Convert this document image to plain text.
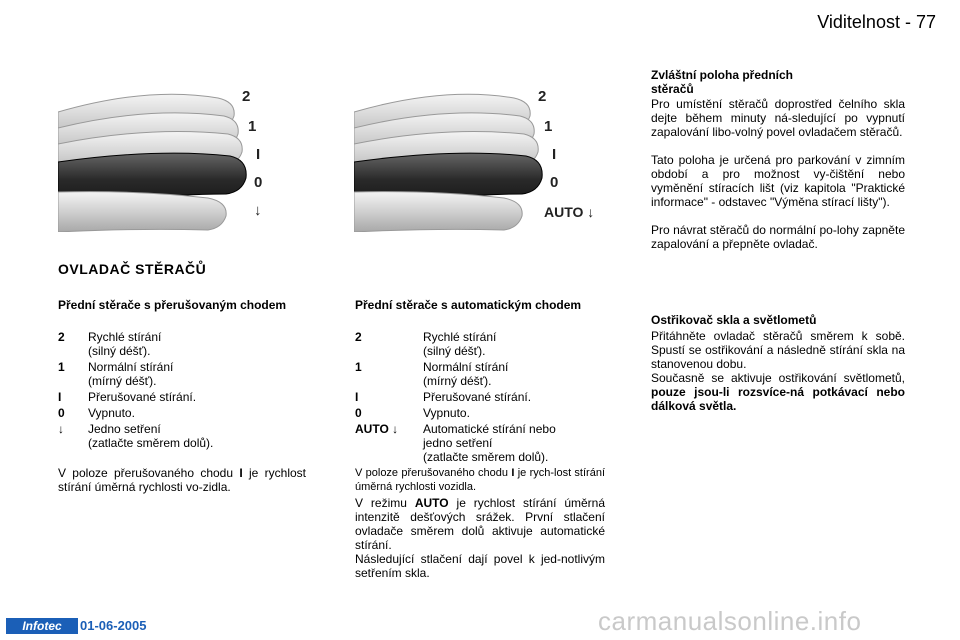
Viditelnost - 77
2
1
I
0
↓
2
1
I
0
AUTO ↓
OVLADAČ STĚRAČŮ
Přední stěrače s přerušovaným chodem
2 Rychlé stírání
(silný déšť).
1 Normální stírání
(mírný déšť).
I Přerušované stírání.
0 Vypnuto.
↓ Jedno setření
(zatlačte směrem dolů).
V poloze přerušovaného chodu I je rychlost stírání úměrná rychlosti vo-zidla.
Přední stěrače s automatickým chodem
2	Rychlé stírání
(silný déšť).
1	Normální stírání
(mírný déšť).
I	Přerušované stírání.
0	Vypnuto.
AUTO ↓ Automatické stírání nebo
jedno setření
(zatlačte směrem dolů).
V poloze přerušovaného chodu I je rych-lost stírání úměrná rychlosti vozidla.
V režimu AUTO je rychlost stírání úměrná intenzitě dešťových srážek. První stlačení ovladače směrem dolů aktivuje automatické stírání.
Následující stlačení dají povel k jed-notlivým setřením skla.
Zvláštní poloha předních stěračů
Pro umístění stěračů doprostřed čelního skla dejte během minuty ná-sledující po vypnutí zapalování libo-volný povel ovladačem stěračů.
Tato poloha je určená pro parkování v zimním období a pro možnost vy-čištění nebo vyměnění stíracích lišt (viz kapitola "Praktické informace" - odstavec "Výměna stírací lišty").
Pro návrat stěračů do normální po-lohy zapněte zapalování a přepněte ovladač.
Ostřikovač skla a světlometů
Přitáhněte ovladač stěračů směrem k sobě. Spustí se ostřikování a následně stírání skla na stanovenou dobu.
Současně se aktivuje ostřikování světlometů, pouze jsou-li rozsvíce-ná potkávací nebo dálková světla.
Infotec	01-06-2005	carmanualsonline.info
